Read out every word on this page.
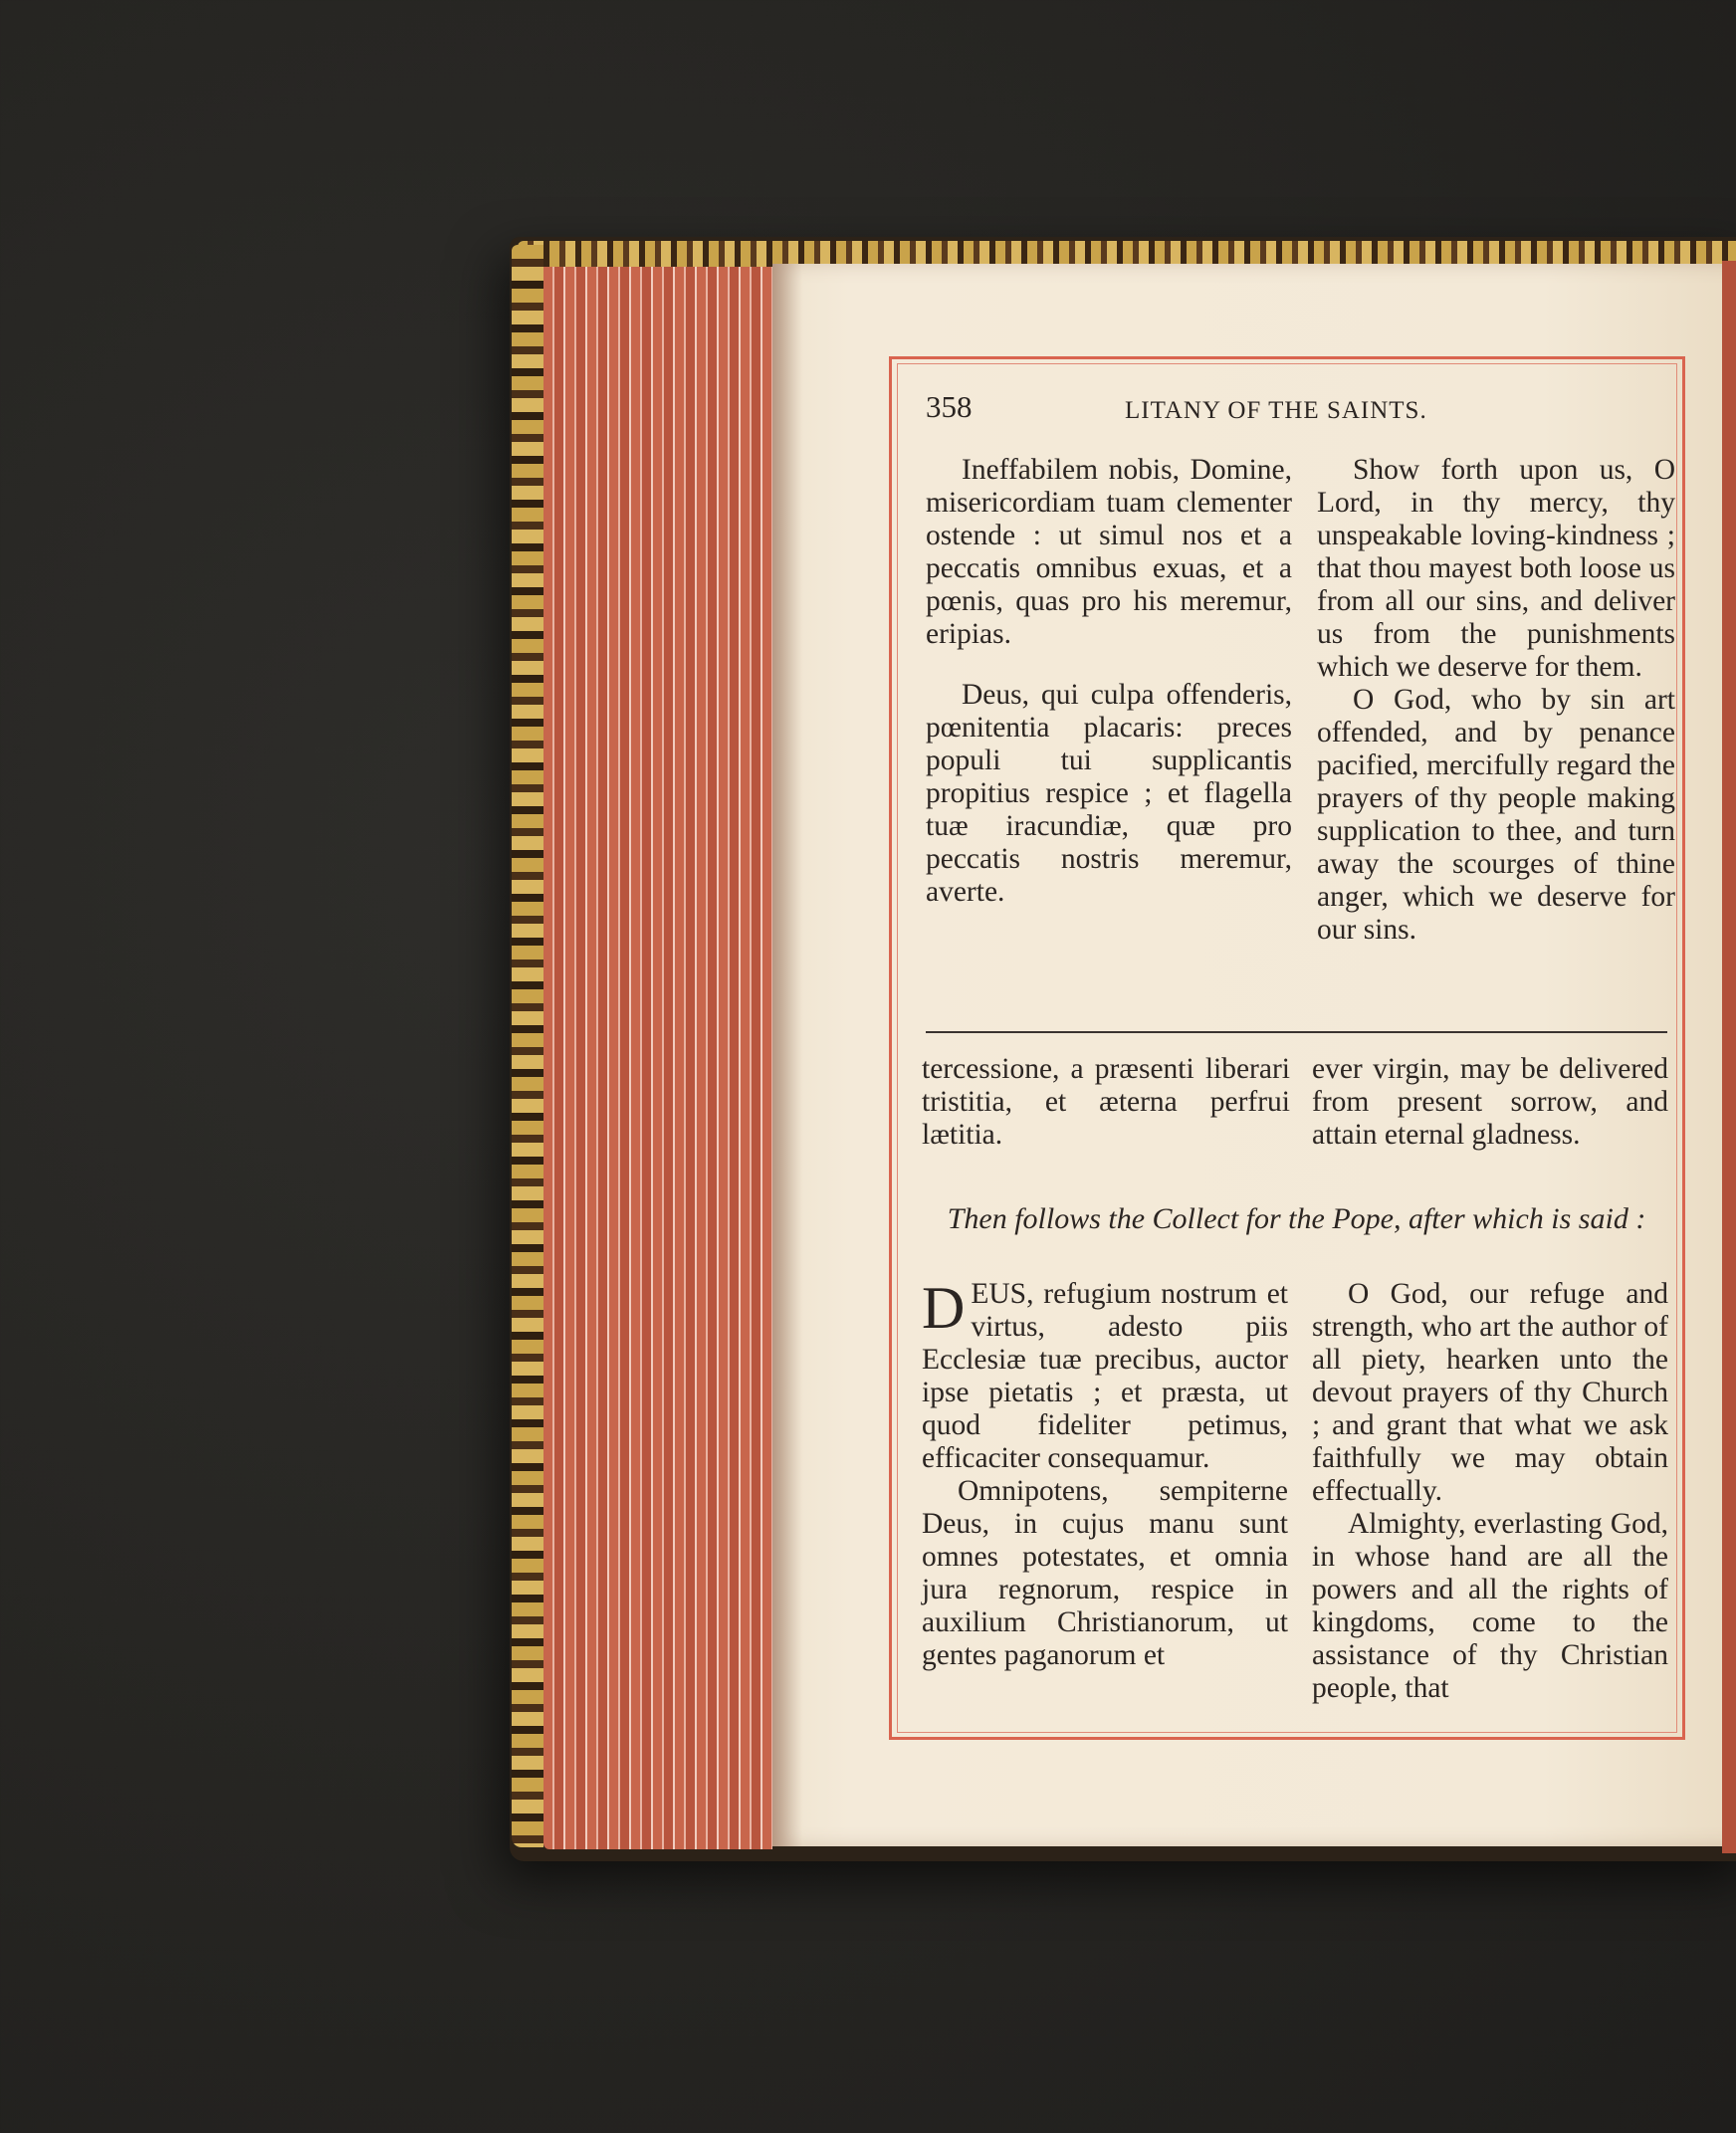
358	LITANY OF THE SAINTS.

Ineffabilem nobis, Domine, misericordiam tuam clementer ostende : ut simul nos et a peccatis omnibus exuas, et a pœnis, quas pro his meremur, eripias.

Deus, qui culpa offenderis, pœnitentia placaris: preces populi tui supplicantis propitius respice ; et flagella tuæ iracundiæ, quæ pro peccatis nostris meremur, averte.

Show forth upon us, O Lord, in thy mercy, thy unspeakable loving-kindness ; that thou mayest both loose us from all our sins, and deliver us from the punishments which we deserve for them.

O God, who by sin art offended, and by penance pacified, mercifully regard the prayers of thy people making supplication to thee, and turn away the scourges of thine anger, which we deserve for our sins.

tercessione, a præsenti liberari tristitia, et æterna perfrui lætitia.

ever virgin, may be delivered from present sorrow, and attain eternal gladness.

Then follows the Collect for the Pope, after which is said :

DEUS, refugium nostrum et virtus, adesto piis Ecclesiæ tuæ precibus, auctor ipse pietatis ; et præsta, ut quod fideliter petimus, efficaciter consequamur.

Omnipotens, sempiterne Deus, in cujus manu sunt omnes potestates, et omnia jura regnorum, respice in auxilium Christianorum, ut gentes paganorum et

O God, our refuge and strength, who art the author of all piety, hearken unto the devout prayers of thy Church ; and grant that what we ask faithfully we may obtain effectually.

Almighty, everlasting God, in whose hand are all the powers and all the rights of kingdoms, come to the assistance of thy Christian people, that
